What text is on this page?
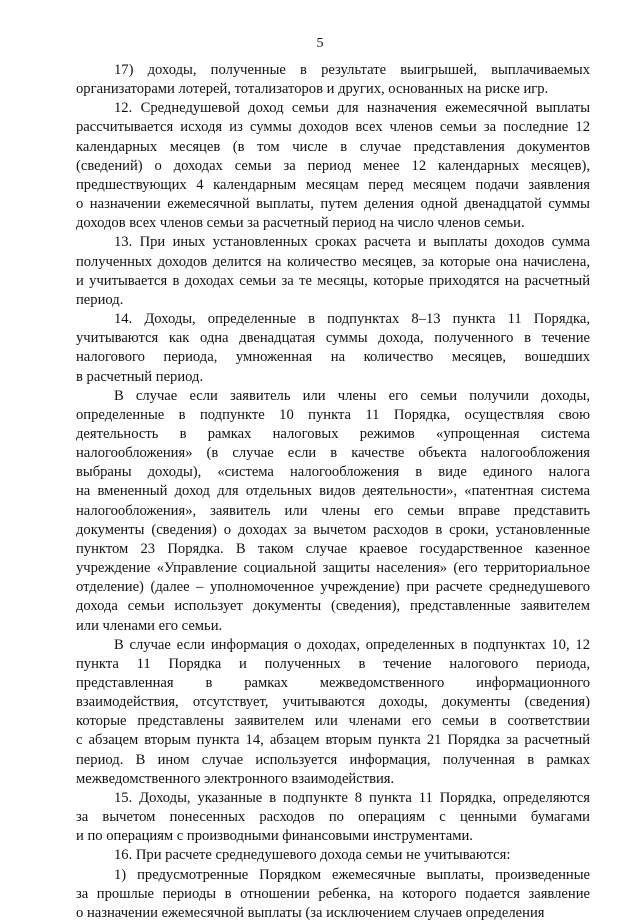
5
17) доходы, полученные в результате выигрышей, выплачиваемых
организаторами лотерей, тотализаторов и других, основанных на риске игр.
12. Среднедушевой доход семьи для назначения ежемесячной выплаты
рассчитывается исходя из суммы доходов всех членов семьи за последние 12
календарных месяцев (в том числе в случае представления документов
(сведений) о доходах семьи за период менее 12 календарных месяцев),
предшествующих 4 календарным месяцам перед месяцем подачи заявления
о назначении ежемесячной выплаты, путем деления одной двенадцатой суммы
доходов всех членов семьи за расчетный период на число членов семьи.
13. При иных установленных сроках расчета и выплаты доходов сумма
полученных доходов делится на количество месяцев, за которые она начислена,
и учитывается в доходах семьи за те месяцы, которые приходятся на расчетный
период.
14. Доходы, определенные в подпунктах 8–13 пункта 11 Порядка,
учитываются как одна двенадцатая суммы дохода, полученного в течение
налогового периода, умноженная на количество месяцев, вошедших
в расчетный период.
В случае если заявитель или члены его семьи получили доходы,
определенные в подпункте 10 пункта 11 Порядка, осуществляя свою
деятельность в рамках налоговых режимов «упрощенная система
налогообложения» (в случае если в качестве объекта налогообложения
выбраны доходы), «система налогообложения в виде единого налога
на вмененный доход для отдельных видов деятельности», «патентная система
налогообложения», заявитель или члены его семьи вправе представить
документы (сведения) о доходах за вычетом расходов в сроки, установленные
пунктом 23 Порядка. В таком случае краевое государственное казенное
учреждение «Управление социальной защиты населения» (его территориальное
отделение) (далее – уполномоченное учреждение) при расчете среднедушевого
дохода семьи использует документы (сведения), представленные заявителем
или членами его семьи.
В случае если информация о доходах, определенных в подпунктах 10, 12
пункта 11 Порядка и полученных в течение налогового периода,
представленная в рамках межведомственного информационного
взаимодействия, отсутствует, учитываются доходы, документы (сведения)
которые представлены заявителем или членами его семьи в соответствии
с абзацем вторым пункта 14, абзацем вторым пункта 21 Порядка за расчетный
период. В ином случае используется информация, полученная в рамках
межведомственного электронного взаимодействия.
15. Доходы, указанные в подпункте 8 пункта 11 Порядка, определяются
за вычетом понесенных расходов по операциям с ценными бумагами
и по операциям с производными финансовыми инструментами.
16. При расчете среднедушевого дохода семьи не учитываются:
1) предусмотренные Порядком ежемесячные выплаты, произведенные
за прошлые периоды в отношении ребенка, на которого подается заявление
о назначении ежемесячной выплаты (за исключением случаев определения
